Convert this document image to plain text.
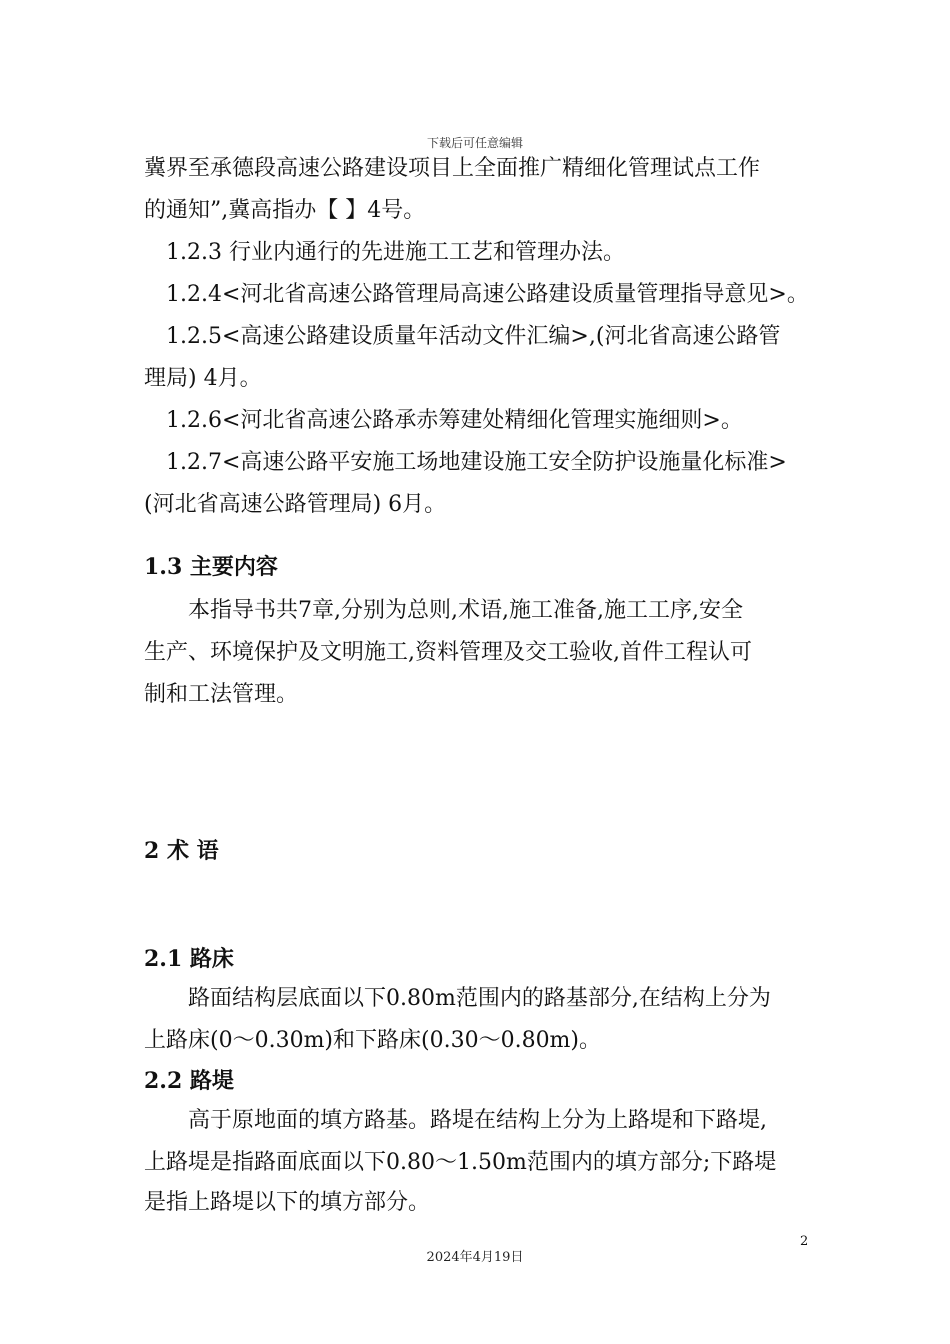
下载后可任意编辑
冀界至承德段高速公路建设项目上全面推广精细化管理试点工作
的通知”,冀高指办【 】4号。
1.2.3 行业内通行的先进施工工艺和管理办法。
1.2.4<河北省高速公路管理局高速公路建设质量管理指导意见>。
1.2.5<高速公路建设质量年活动文件汇编>,(河北省高速公路管
理局) 4月。
1.2.6<河北省高速公路承赤筹建处精细化管理实施细则>。
1.2.7<高速公路平安施工场地建设施工安全防护设施量化标准>
(河北省高速公路管理局) 6月。
1.3 主要内容
本指导书共7章,分别为总则,术语,施工准备,施工工序,安全
生产、环境保护及文明施工,资料管理及交工验收,首件工程认可
制和工法管理。
2 术 语
2.1 路床
路面结构层底面以下0.80m范围内的路基部分,在结构上分为
上路床(0～0.30m)和下路床(0.30～0.80m)。
2.2 路堤
高于原地面的填方路基。路堤在结构上分为上路堤和下路堤,
上路堤是指路面底面以下0.80～1.50m范围内的填方部分;下路堤
是指上路堤以下的填方部分。
2
2024年4月19日
